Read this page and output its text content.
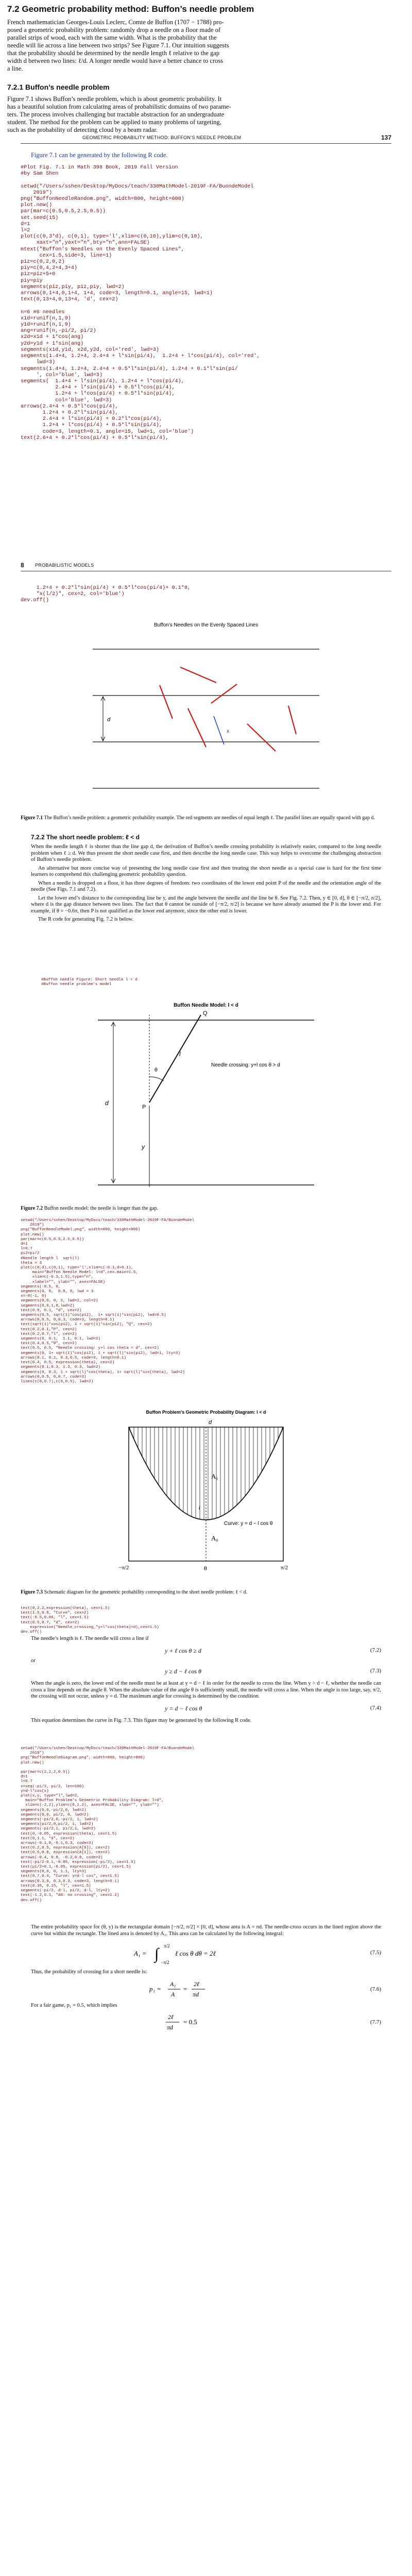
7.2 Geometric probability method: Buffon’s needle problem
French mathematician Georges-Louis Leclerc, Comte de Buffon (1707 − 1788) pro-
posed a geometric probability problem: randomly drop a needle on a floor made of
parallel strips of wood, each with the same width. What is the probability that the
needle will lie across a line between two strips? See Figure 7.1. Our intuition suggests
that the probability should be determined by the needle length ℓ relative to the gap
width d between two lines: ℓ/d. A longer needle would have a better chance to cross
a line.
7.2.1 Buffon’s needle problem
Figure 7.1 shows Buffon’s needle problem, which is about geometric probability. It
has a beautiful solution from calculating areas of probabilistic domains of two parame-
ters. The process involves challenging but tractable abstraction for an undergraduate
student. The method for the problem can be applied to many problems of targeting,
such as the probability of detecting cloud by a beam radar.
GEOMETRIC PROBABILITY METHOD: BUFFON’S NEEDLE PROBLEM	137

Figure 7.1 can be generated by the following R code.

#Plot Fig. 7.1 in Math 398 Book, 2019 Fall Version
#by Sam Shen

setwd("/Users/sshen/Desktop/MyDocs/teach/330MathModel-2019F-FA/BuondeModel
2019")
png("BuffonNeedleRandom.png", width=800, height=600)
plot.new()
par(mar=c(0.5,0.5,2.5,0.5))
set.seed(15)
d=1
l=2
plot(c(0,3*d), c(0,1), type='l',xlim=c(0,10),ylim=c(0,10),
xaxt="n",yaxt="n",bty="n",ann=FALSE)
mtext("Buffon's Needles on the Evenly Spaced Lines",
cex=1.5,side=3, line=1)
piz=c(0,2,0,2)
piy=c(0,4,2+4,3+4)
piz=piz+5+0
piy=piy
segments(piz,piy, piz,piy, lwd=2)
arrows(0,1+4,0,1+4, 1+4, code=3, length=0.1, angle=15, lwd=1)
text(0,13+4,0,13+4, 'd', cex=2)

n=6 #6 needles
x1d=runif(n,1,9)
y1d=runif(n,1,9)
ang=runif(n,-pi/2, pi/2)
x2d=x1d + 1*cos(ang)
y2d=y1d + 1*sin(ang)
segments(x1d,y1d, x2d,y2d, col='red', lwd=3)
segments(1.4+4, 1.2+4, 2.4+4 + l*sin(pi/4),  1.2+4 + l*cos(pi/4), col='red',
lwd=3)
segments(1.4+4, 1.2+4, 2.4+4 + 0.5*l*sin(pi/4), 1.2+4 + 0.1*l*sin(pi/
', col='blue', lwd=3)
segments(  1.4+4 + l*sin(pi/4), 1.2+4 + l*cos(pi/4),
2.4+4 + l*sin(pi/4) + 0.5*l*cos(pi/4),
1.2+4 + l*cos(pi/4) + 0.5*l*sin(pi/4),
col='blue', lwd=3)
arrows(2.4+4 + 0.5*l*cos(pi/4),
1.2+4 + 0.2*l*sin(pi/4),
2.4+4 + l*sin(pi/4) + 0.2*l*cos(pi/4),
1.2+4 + l*cos(pi/4) + 0.5*l*sin(pi/4),
code=3, length=0.1, angle=15, lwd=1, col='blue')
text(2.6+4 + 0.2*l*cos(pi/4) + 0.5*l*sin(pi/4),

8 PROBABILISTIC MODELS
1.2+4 + 0.2*l*sin(pi/4) + 0.5*l*cos(pi/4)+ 0.1*8,
"x(l/2)", cex=2, col='blue')
dev.off()

Buffon’s Needles on the Evenly Spaced Lines
d
x

Figure 7.1 The Buffon’s needle problem: a geometric probability example. The red segments are needles of equal length ℓ. The parallel lines are equally spaced with gap d.

7.2.2 The short needle problem: ℓ < d

When the needle length ℓ is shorter than the line gap d, the derivation of Buffon’s needle crossing probability is relatively easier, compared to the long needle problem when ℓ ≥ d. We thus present the short needle case first, and then describe the long needle case. This way helps to overcome the challenging abstraction of Buffon’s needle problem.

An alternative but more concise way of presenting the long needle case first and then treating the short needle as a special case is hard for the first time learners to comprehend this challenging geometric probability question.

When a needle is dropped on a floor, it has three degrees of freedom: two coordinates of the lower end point P of the needle and the orientation angle of the needle (See Figs. 7.1 and 7.2).

Let the lower end’s distance to the corresponding line be y, and the angle between the needle and the line be θ. See Fig. 7.2. Then, y ∈ [0, d], θ ∈ [−π/2, π/2], where d is the gap distance between two lines. The fact that θ cannot be outside of [−π/2, π/2] is because we have already assumed the P is the lower end. For example, if θ = −0.6π, then P is not qualified as the lower end anymore, since the other end is lower.

The R code for generating Fig. 7.2 is below.

#Buffon needle Figure: Short needle l < d
#Buffon needle problem's model

Buffon Needle Model: l < d
d
y
θ
P
Q
l
Needle crossing: y+l cos θ > d

Figure 7.2 Buffon needle model: the needle is longer than the gap.

setwd("/Users/sshen/Desktop/MyDocs/teach/330MathModel-2019F-FA/BuondeModel
2019")
png("BuffonNeedleModel.png", width=800, height=800)
plot.new()
par(mar=c(0.5,0.5,2.5,0.5))
d=1
l=0.7
pi2=pi/2
#Needle length l  sqrt(l)
theta = 3
plot(c(0,d),c(0,1), type='l',xlim=c(-0.1,d+0.1),
main="Buffon Needle Model: l<d",cex.main=1.5,
xlim=c(-0.3,1.5),type="n",
xlabel="", ylab="", axes=FALSE)
segments(-0.5, 0,
segments(0, 0,  0.8, 0, lwd = 3
x=-0(-1, 0)
segments(0,0, 0, 2, lwd=2, col=2)
segments(0,0,1,0,lwd=2)
text(0.9, 0.1, "d", cex=2)
segments(0,5, sqrt(1)*cos(pi2),  1+ sqrt(1)*sin(pi2), lwd=0.5)
arrows(0,0.5, 0,0.3, code=3, length=0.1)
text(sqrt(1)*cos(pi2), 1 + sqrt(1)*sin(pi2), "Q", cex=2)
text(0.2,0.1,"P", cex=2)
text(0.2,0.7,"l", cex=2)
segments(0, 0.1,  1.1, 0.1, lwd=2)
text(0.4,0.5,"θ", cex=2)
text(0.5, 0.5, "Needle crossing: y+l cos theta > d", cex=2)
segments(0, 1+ sqrt(1)*cos(pi2), 1 + sqrt(l)*sin(pi2), lwd=1, lty=3)
arrows(0.1, 0.1, 0.3,0.5, code=3, length=0.1)
text(0.4, 0.5, expression(theta), cex=2)
segments(0.1,0.3, 1.3, 0.3, lwd=2)
segments(0, 0.3, 1 + sqrt(l)*cos(theta), 1+ sqrt(l)*sin(theta), lwd=2)
arrows(0,0.5, 0,0.7, code=3)
lines(c(0,0.7),c(0,0.5), lwd=2)

Buffon Problem's Geometric Probability Diagram: l < d
−π/2	π/2
θ
d
A₁
A₀
l
Curve: y = d − l cos θ

Figure 7.3 Schematic diagram for the geometric probability corresponding to the short needle problem: ℓ < d.

text(0,2.2,expression(theta), cex=1.5)
text(1.5,0.8, "Curve", cex=2)
text(-0.5,0.06, "l", cex=1.5)
text(0.5,0.7, "d", cex=2)
expression("Needle_crossing_"y+l*cos(theta)>d),cex=1.5)
dev.off()

The needle’s length is ℓ. The needle will cross a line if

y + ℓ cos θ ≥ d	(7.2)

or

y ≥ d − ℓ cos θ	(7.3)

When the angle is zero, the lower end of the needle must be at least at y = d − ℓ in order for the needle to cross the line. When y > d − ℓ, whether the needle can cross a line depends on the angle θ. When the absolute value of the angle θ is sufficiently small, the needle will cross a line. When the angle is too large, say, π/2, the crossing will not occur, unless y = d. The maximum angle for crossing is determined by the condition.

y = d − ℓ cos θ	(7.4)

This equation determines the curve in Fig. 7.3. This figure may be generated by the following R code.

setwd("/Users/sshen/Desktop/MyDocs/teach/330MathModel-2019F-FA/BuondeModel
2019")
png("BuffonNeedleDiagram.png", width=800, height=800)
plot.new()

par(mar=c(2,2,2,0.5))
d=1
l=0.7
x=seq(-pi/2, pi/2, len=100)
y=d-l*cos(x)
plot(x,y, type="l",lwd=2,
main="Buffon Problem's Geometric Probability Diagram: l<d",
xlim=c(-2,2),ylim=c(0,1.2), axes=FALSE, xlab="", ylab="")
segments(0,0,-pi/2,0, lwd=2)
segments(0,0, pi/2, 0, lwd=2)
segments(-pi/2,0,-pi/2, 1, lwd=2)
segments(pi/2,0,pi/2, 1, lwd=2)
segments(-pi/2,1, pi/2,1, lwd=2)
text(0,-0.05, expression(theta), cex=1.5)
text(0,1.1, "d", cex=2)
arrows(-0.1,0,-0.1,0.3, code=3)
text(0.2,0.5, expression(A[0]), cex=2)
text(0.5,0.8, expression(A[1]), cex=2)
arrows(-0.4, 0.8, -0.2,0.8, code=3)
text(-pi/2-0.1,-0.05, expression(-pi/2), cex=1.5)
text(pi/2+0.1,-0.05, expression(pi/2), cex=1.5)
segments(0,0, 0, 1.1, lty=3)
text(0.7,0.4, "Curve: y=d-l cos", cex=1.5)
arrows(0.3,0, 0.3,0.3, code=3, length=0.1)
text(0.35, 0.15, "l", cex=1.5)
segments(-pi/2, d-l, pi/2, d-l, lty=2)
text(-1.2,0.1, "A0: no crossing", cex=1.2)
dev.off()

The entire probability space for (θ, y) is the rectangular domain [−π/2, π/2] × [0, d], whose area is A = πd. The needle-cross occurs in the lined region above the curve but within the rectangle. The lined area is denoted by A₁. This area can be calculated by the following integral:

A₁ = ∫ π/2
−π/2
ℓ cos θ dθ = 2ℓ	(7.5)

Thus, the probability of crossing for a short needle is:

p₁ =
A₁
A
=
2ℓ
πd
(7.6)

For a fair game, p₁ = 0.5, which implies

2ℓ
πd
= 0.5	(7.7)
